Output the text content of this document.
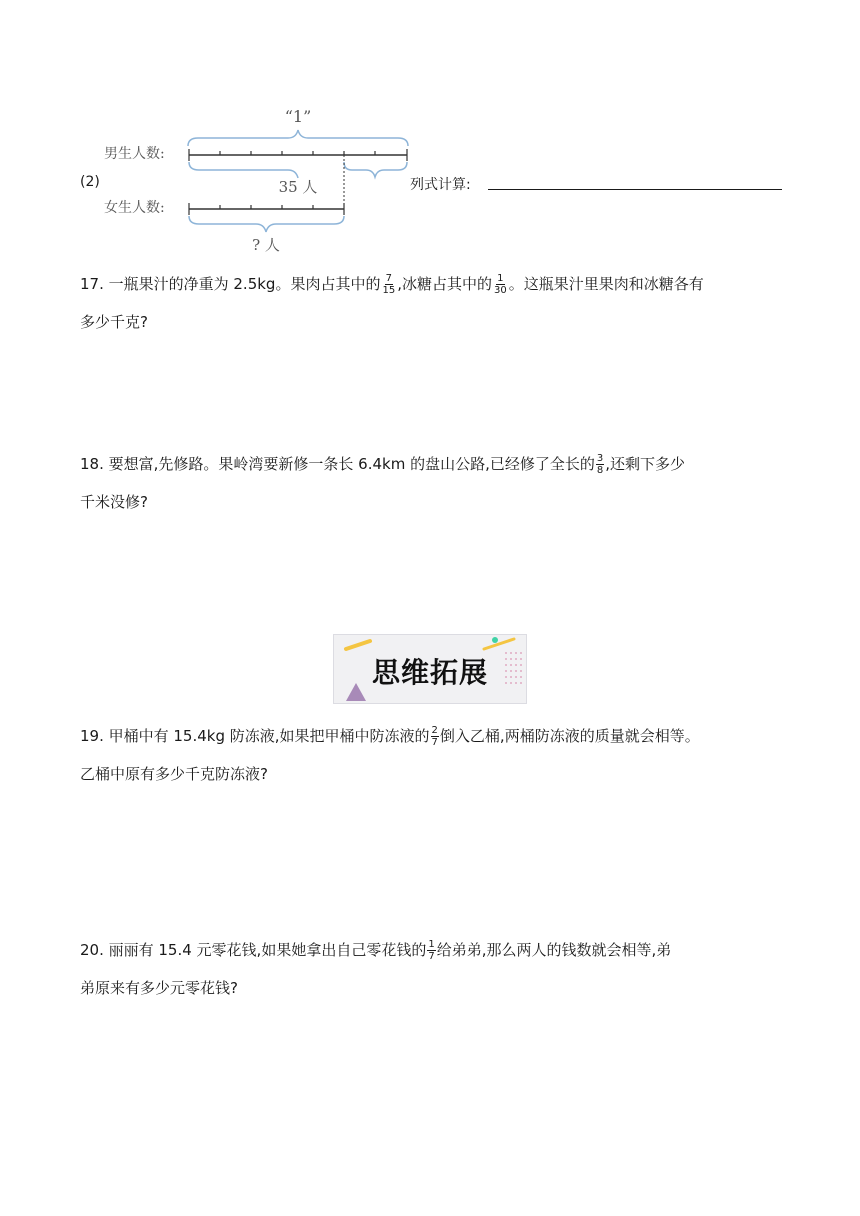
(2)
“1”
男生人数:
35 人
女生人数:
? 人
列式计算:
17. 一瓶果汁的净重为 2.5kg。果肉占其中的 $\frac{7}{15}$ ,冰糖占其中的 $\frac{1}{30}$ 。这瓶果汁里果肉和冰糖各有
多少千克?
18. 要想富,先修路。果岭湾要新修一条长 6.4km 的盘山公路,已经修了全长的 $\frac{3}{8}$ ,还剩下多少
千米没修?
思维拓展
19. 甲桶中有 15.4kg 防冻液,如果把甲桶中防冻液的 $\frac{2}{7}$ 倒入乙桶,两桶防冻液的质量就会相等。
乙桶中原有多少千克防冻液?
20. 丽丽有 15.4 元零花钱,如果她拿出自己零花钱的 $\frac{1}{7}$ 给弟弟,那么两人的钱数就会相等,弟
弟原来有多少元零花钱?
